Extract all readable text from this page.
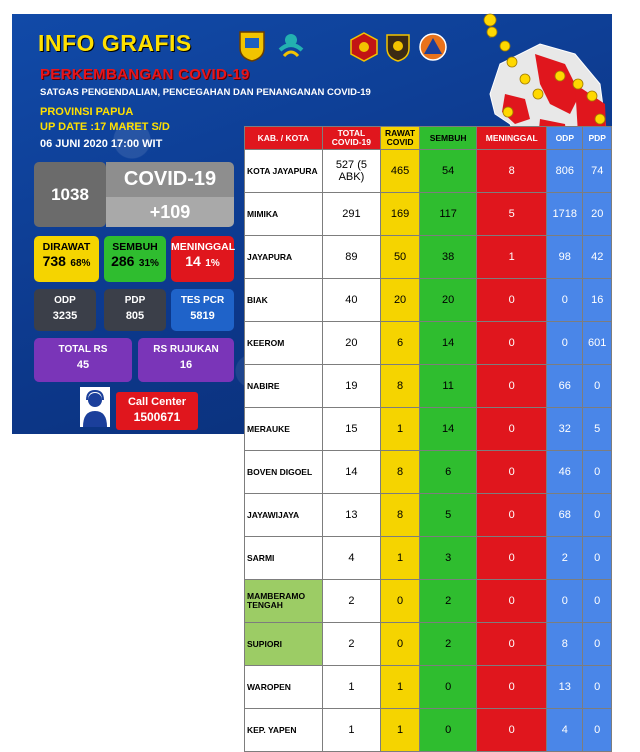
INFO GRAFIS
PERKEMBANGAN COVID-19
SATGAS PENGENDALIAN, PENCEGAHAN DAN PENANGANAN COVID-19
PROVINSI PAPUA
UP DATE :17 MARET S/D
06 JUNI 2020 17:00 WIT
1038
COVID-19
+109
DIRAWAT
738 68%
SEMBUH
286 31%
MENINGGAL
14 1%
ODP
3235
PDP
805
TES PCR
5819
TOTAL RS
45
RS RUJUKAN
16
Call Center
1500671
KAB. / KOTA	TOTAL COVID-19	RAWAT COVID	SEMBUH	MENINGGAL	ODP	PDP
KOTA JAYAPURA	527 (5 ABK)	465	54	8	806	74
MIMIKA	291	169	117	5	1718	20
JAYAPURA	89	50	38	1	98	42
BIAK	40	20	20	0	0	16
KEEROM	20	6	14	0	0	601
NABIRE	19	8	11	0	66	0
MERAUKE	15	1	14	0	32	5
BOVEN DIGOEL	14	8	6	0	46	0
JAYAWIJAYA	13	8	5	0	68	0
SARMI	4	1	3	0	2	0
MAMBERAMO TENGAH	2	0	2	0	0	0
SUPIORI	2	0	2	0	8	0
WAROPEN	1	1	0	0	13	0
KEP. YAPEN	1	1	0	0	4	0
